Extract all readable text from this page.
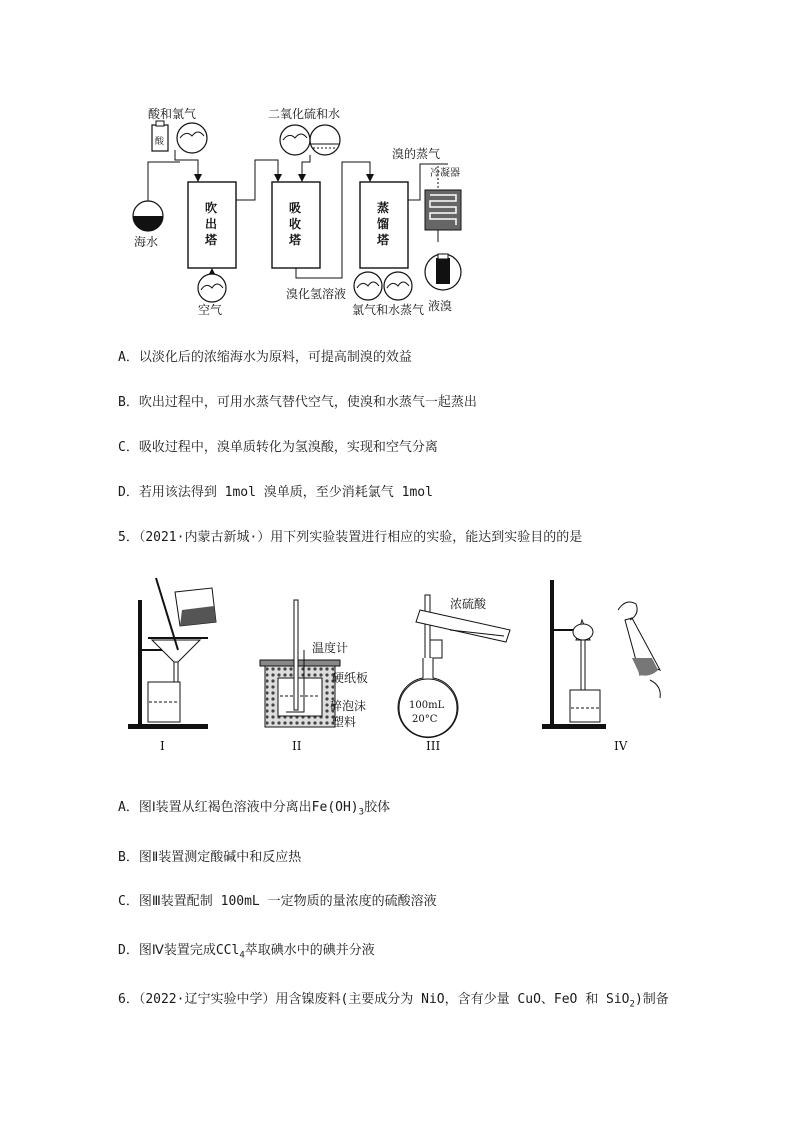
酸和氯气	二氧化硫和水
溴的蒸气
酸
海水
吹
出
塔
空气
吸
收
塔
溴化氢溶液
蒸
馏
塔
氯气和水蒸气
冷凝器
液溴
A．以淡化后的浓缩海水为原料，可提高制溴的效益
B．吹出过程中，可用水蒸气替代空气，使溴和水蒸气一起蒸出
C．吸收过程中，溴单质转化为氢溴酸，实现和空气分离
D．若用该法得到 1mol 溴单质，至少消耗氯气 1mol
5．（2021·内蒙古新城·）用下列实验装置进行相应的实验，能达到实验目的的是
I
温度计
硬纸板
碎泡沫
塑料
II
浓硫酸
100mL
20°C
III	IV
A．图Ⅰ装置从红褐色溶液中分离出$Fe(OH)_3$胶体
B．图Ⅱ装置测定酸碱中和反应热
C．图Ⅲ装置配制 100mL 一定物质的量浓度的硫酸溶液
D．图Ⅳ装置完成CCl$_4$萃取碘水中的碘并分液
6．（2022·辽宁实验中学）用含镍废料(主要成分为 NiO，含有少量 CuO、FeO 和 SiO$_2$)制备
